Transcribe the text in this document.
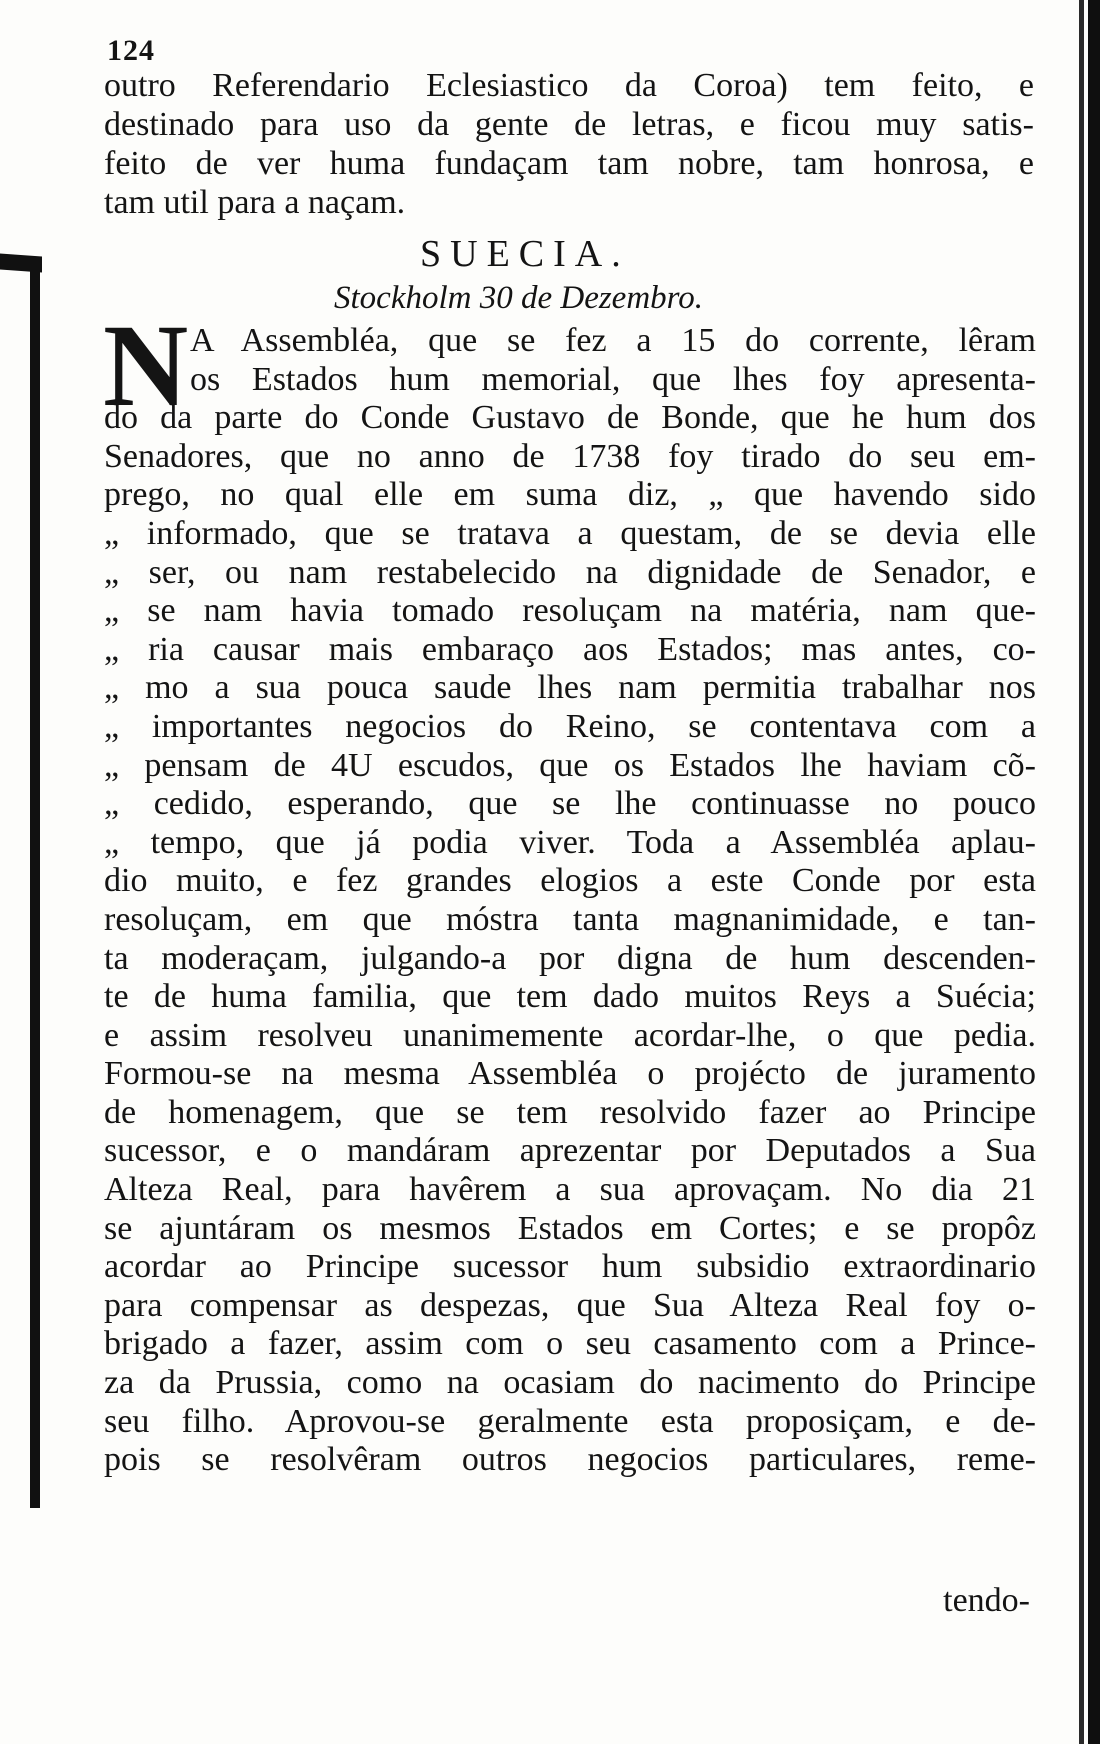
124
outro Referendario Eclesiastico da Coroa) tem feito, e
destinado para uso da gente de letras, e ficou muy satis-
feito de ver huma fundaçam tam nobre, tam honrosa, e
tam util para a naçam.
SUECIA.
Stockholm 30 de Dezembro.
N A Assembléa, que se fez a 15 do corrente, lêram
os Estados hum memorial, que lhes foy apresenta-
do da parte do Conde Gustavo de Bonde, que he hum dos
Senadores, que no anno de 1738 foy tirado do seu em-
prego, no qual elle em suma diz, „ que havendo sido
„ informado, que se tratava a questam, de se devia elle
„ ser, ou nam restabelecido na dignidade de Senador, e
„ se nam havia tomado resoluçam na matéria, nam que-
„ ria causar mais embaraço aos Estados; mas antes, co-
„ mo a sua pouca saude lhes nam permitia trabalhar nos
„ importantes negocios do Reino, se contentava com a
„ pensam de 4U escudos, que os Estados lhe haviam cõ-
„ cedido, esperando, que se lhe continuasse no pouco
„ tempo, que já podia viver. Toda a Assembléa aplau-
dio muito, e fez grandes elogios a este Conde por esta
resoluçam, em que móstra tanta magnanimidade, e tan-
ta moderaçam, julgando-a por digna de hum descenden-
te de huma familia, que tem dado muitos Reys a Suécia;
e assim resolveu unanimemente acordar-lhe, o que pedia.
Formou-se na mesma Assembléa o projécto de juramento
de homenagem, que se tem resolvido fazer ao Principe
sucessor, e o mandáram aprezentar por Deputados a Sua
Alteza Real, para havêrem a sua aprovaçam. No dia 21
se ajuntáram os mesmos Estados em Cortes; e se propôz
acordar ao Principe sucessor hum subsidio extraordinario
para compensar as despezas, que Sua Alteza Real foy o-
brigado a fazer, assim com o seu casamento com a Prince-
za da Prussia, como na ocasiam do nacimento do Principe
seu filho. Aprovou-se geralmente esta proposiçam, e de-
pois se resolvêram outros negocios particulares, reme-
tendo-
